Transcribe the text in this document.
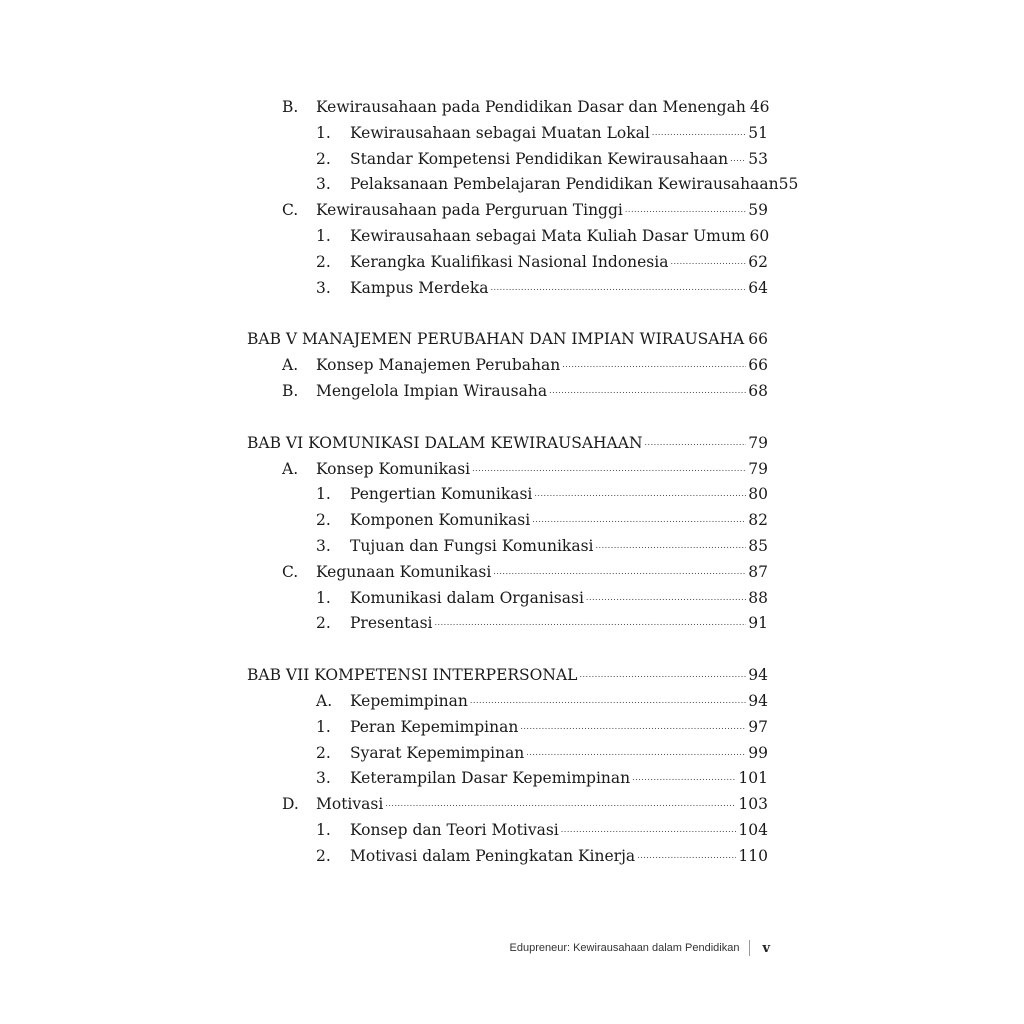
B.	Kewirausahaan pada Pendidikan Dasar dan Menengah 46
1.	Kewirausahaan sebagai Muatan Lokal .....	51
2.	Standar Kompetensi Pendidikan Kewirausahaan ..... 53
3.	Pelaksanaan Pembelajaran Pendidikan Kewirausahaan 55
C.	Kewirausahaan pada Perguruan Tinggi .....	59
1.	Kewirausahaan sebagai Mata Kuliah Dasar Umum 60
2.	Kerangka Kualifikasi Nasional Indonesia .....	62
3.	Kampus Merdeka .....	64
BAB V MANAJEMEN PERUBAHAN DAN IMPIAN WIRAUSAHA ..... 66
A.	Konsep Manajemen Perubahan .....	66
B.	Mengelola Impian Wirausaha .....	68
BAB VI KOMUNIKASI DALAM KEWIRAUSAHAAN .....	79
A.	Konsep Komunikasi .....	79
1.	Pengertian Komunikasi .....	80
2.	Komponen Komunikasi .....	82
3.	Tujuan dan Fungsi Komunikasi .....	85
C.	Kegunaan Komunikasi .....	87
1.	Komunikasi dalam Organisasi .....	88
2.	Presentasi .....	91
BAB VII KOMPETENSI INTERPERSONAL .....	94
A.	Kepemimpinan .....	94
1.	Peran Kepemimpinan .....	97
2.	Syarat Kepemimpinan .....	99
3.	Keterampilan Dasar Kepemimpinan .....	101
D.	Motivasi .....	103
1.	Konsep dan Teori Motivasi .....	104
2.	Motivasi dalam Peningkatan Kinerja .....	110
Edupreneur: Kewirausahaan dalam Pendidikan v
